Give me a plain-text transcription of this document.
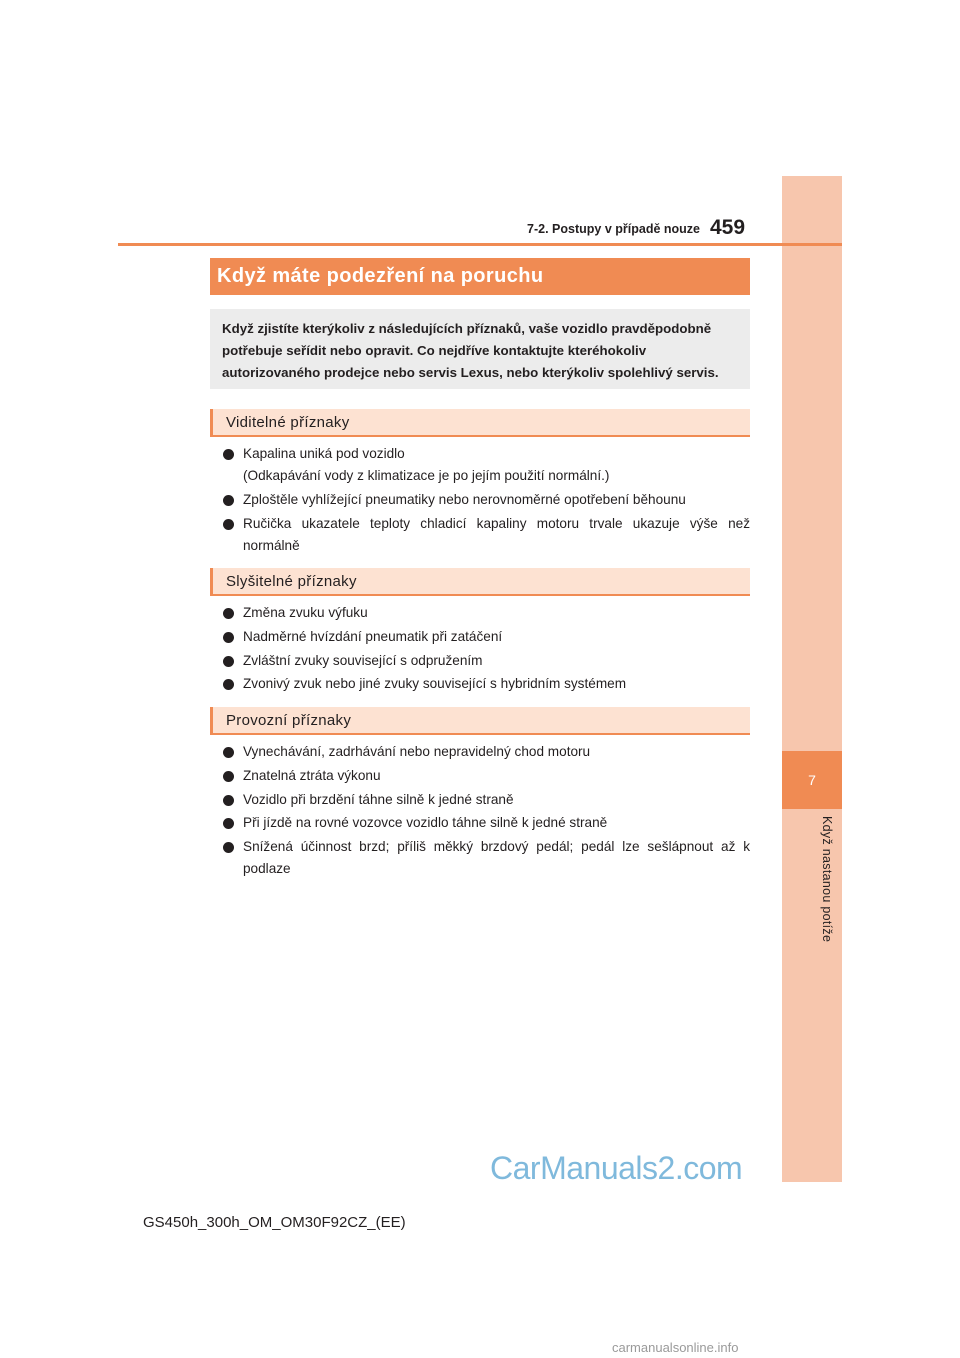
7
Když nastanou potíže
7-2. Postupy v případě nouze 459
Když máte podezření na poruchu
Když zjistíte kterýkoliv z následujících příznaků, vaše vozidlo pravděpodobně potřebuje seřídit nebo opravit. Co nejdříve kontaktujte kteréhokoliv autorizovaného prodejce nebo servis Lexus, nebo kterýkoliv spolehlivý servis.
Viditelné příznaky
Kapalina uniká pod vozidlo
(Odkapávání vody z klimatizace je po jejím použití normální.)
Zploštěle vyhlížející pneumatiky nebo nerovnoměrné opotřebení běhounu
Ručička ukazatele teploty chladicí kapaliny motoru trvale ukazuje výše než normálně
Slyšitelné příznaky
Změna zvuku výfuku
Nadměrné hvízdání pneumatik při zatáčení
Zvláštní zvuky související s odpružením
Zvonivý zvuk nebo jiné zvuky související s hybridním systémem
Provozní příznaky
Vynechávání, zadrhávání nebo nepravidelný chod motoru
Znatelná ztráta výkonu
Vozidlo při brzdění táhne silně k jedné straně
Při jízdě na rovné vozovce vozidlo táhne silně k jedné straně
Snížená účinnost brzd; příliš měkký brzdový pedál; pedál lze sešlápnout až k podlaze
CarManuals2.com
GS450h_300h_OM_OM30F92CZ_(EE)
carmanualsonline.info
